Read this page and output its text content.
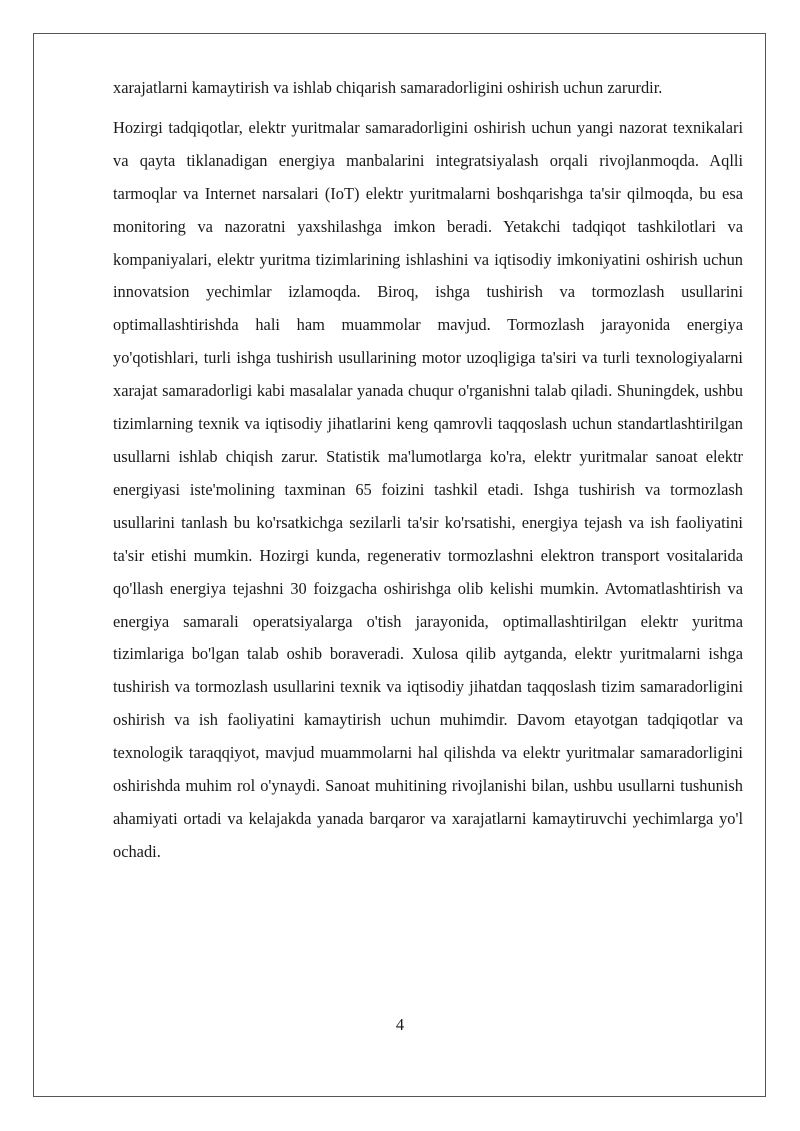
xarajatlarni kamaytirish va ishlab chiqarish samaradorligini oshirish uchun zarurdir.

Hozirgi tadqiqotlar, elektr yuritmalar samaradorligini oshirish uchun yangi nazorat texnikalari va qayta tiklanadigan energiya manbalarini integratsiyalash orqali rivojlanmoqda. Aqlli tarmoqlar va Internet narsalari (IoT) elektr yuritmalarni boshqarishga ta'sir qilmoqda, bu esa monitoring va nazoratni yaxshilashga imkon beradi. Yetakchi tadqiqot tashkilotlari va kompaniyalari, elektr yuritma tizimlarining ishlashini va iqtisodiy imkoniyatini oshirish uchun innovatsion yechimlar izlamoqda. Biroq, ishga tushirish va tormozlash usullarini optimallashtirishda hali ham muammolar mavjud. Tormozlash jarayonida energiya yo'qotishlari, turli ishga tushirish usullarining motor uzoqligiga ta'siri va turli texnologiyalarni xarajat samaradorligi kabi masalalar yanada chuqur o'rganishni talab qiladi. Shuningdek, ushbu tizimlarning texnik va iqtisodiy jihatlarini keng qamrovli taqqoslash uchun standartlashtirilgan usullarni ishlab chiqish zarur. Statistik ma'lumotlarga ko'ra, elektr yuritmalar sanoat elektr energiyasi iste'molining taxminan 65 foizini tashkil etadi. Ishga tushirish va tormozlash usullarini tanlash bu ko'rsatkichga sezilarli ta'sir ko'rsatishi, energiya tejash va ish faoliyatini ta'sir etishi mumkin. Hozirgi kunda, regenerativ tormozlashni elektron transport vositalarida qo'llash energiya tejashni 30 foizgacha oshirishga olib kelishi mumkin. Avtomatlashtirish va energiya samarali operatsiyalarga o'tish jarayonida, optimallashtirilgan elektr yuritma tizimlariga bo'lgan talab oshib boraveradi. Xulosa qilib aytganda, elektr yuritmalarni ishga tushirish va tormozlash usullarini texnik va iqtisodiy jihatdan taqqoslash tizim samaradorligini oshirish va ish faoliyatini kamaytirish uchun muhimdir. Davom etayotgan tadqiqotlar va texnologik taraqqiyot, mavjud muammolarni hal qilishda va elektr yuritmalar samaradorligini oshirishda muhim rol o'ynaydi. Sanoat muhitining rivojlanishi bilan, ushbu usullarni tushunish ahamiyati ortadi va kelajakda yanada barqaror va xarajatlarni kamaytiruvchi yechimlarga yo'l ochadi.

4
